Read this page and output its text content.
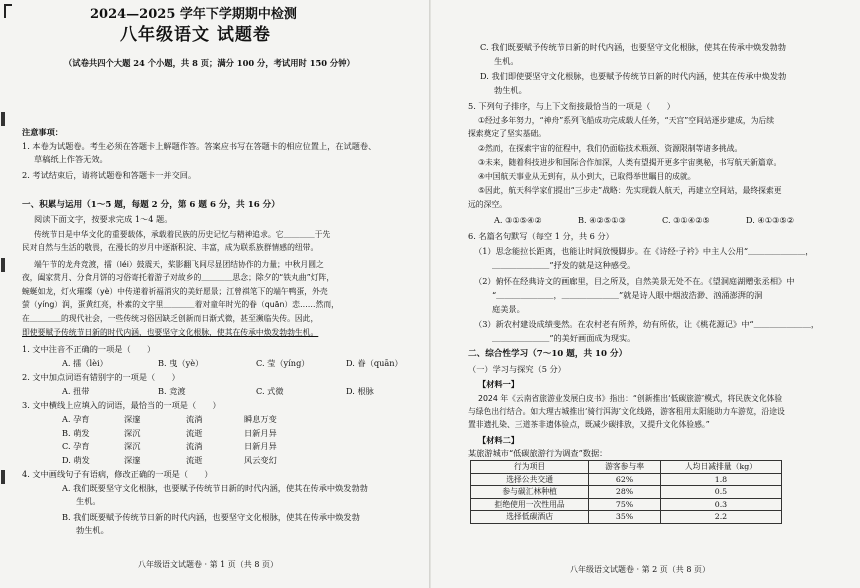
2024—2025 学年下学期期中检测
八年级语文 试题卷
（试卷共四个大题 24 个小题，共 8 页；满分 100 分，考试用时 150 分钟）
注意事项：
1. 本卷为试题卷。考生必须在答题卡上解题作答。答案应书写在答题卡的相应位置上，在试题卷、
草稿纸上作答无效。
2. 考试结束后，请将试题卷和答题卡一并交回。
一、积累与运用（1～5 题，每题 2 分，第 6 题 6 分，共 16 分）
阅读下面文字，按要求完成 1～4 题。
传统节日是中华文化的重要载体，承载着民族的历史记忆与精神追求。它＿＿＿＿于先
民对自然与生活的敬畏，在漫长的岁月中逐渐积淀、丰富，成为联系族群情感的纽带。
端午节的龙舟竞渡，擂（léi）鼓震天，桨影翻飞间尽显团结协作的力量；中秋月圆之
夜，阖家赏月、分食月饼的习俗寄托着游子对故乡的＿＿＿＿思念；除夕的“铁丸曲”灯阵，
蜿蜒如龙，灯火璀璨（yè）中传递着祈福消灾的美好愿景；江曾祺笔下的端午鸭蛋，外壳
萤（yíng）润，蛋黄红亮，朴素的文字里＿＿＿＿着对童年时光的眷（quān）恋……然而，
在＿＿＿＿的现代社会，一些传统习俗因缺乏创新而日渐式微，甚至濒临失传。因此，
即使要赋予传统节日新的时代内涵，也要坚守文化根脉，使其在传承中焕发勃勃生机。
1. 文中注音不正确的一项是（　　）
A. 擂（lèi）	B. 曳（yè）	C. 莹（yíng）	D. 眷（quān）
2. 文中加点词语有错别字的一项是（　　）
A. 扭带	B. 竞渡	C. 式微	D. 根脉
3. 文中横线上应填入的词语，最恰当的一项是（　　）
A. 孕育	深邃	流淌	瞬息万变
B. 萌发	深沉	流逝	日新月异
C. 孕育	深沉	流淌	日新月异
D. 萌发	深邃	流逝	风云变幻
4. 文中画线句子有语病，修改正确的一项是（　　）
A. 我们既要坚守文化根脉，也要赋予传统节日新的时代内涵，使其在传承中焕发勃勃
生机。
B. 我们既要赋予传统节日新的时代内涵，也要坚守文化根脉，使其在传承中焕发勃
勃生机。
八年级语文试题卷 · 第 1 页（共 8 页）
C. 我们既要赋予传统节日新的时代内涵，也要坚守文化根脉，使其在传承中焕发勃勃
生机。
D. 我们即使要坚守文化根脉，也要赋予传统节日新的时代内涵，使其在传承中焕发勃
勃生机。
5. 下列句子排序，与上下文衔接最恰当的一项是（　　）
①经过多年努力，“神舟”系列飞船成功完成载人任务，“天宫”空间站逐步建成，为后续
探索奠定了坚实基础。
②然而，在探索宇宙的征程中，我们仍面临技术瓶颈、资源限制等诸多挑战。
③未来，随着科技进步和国际合作加深，人类有望揭开更多宇宙奥秘，书写航天新篇章。
④中国航天事业从无到有，从小到大，已取得举世瞩目的成就。
⑤因此，航天科学家们提出“三步走”战略：先实现载人航天，再建立空间站，最终探索更
远的深空。
A. ③①⑤④②	B. ④②⑤①③	C. ③①④②⑤	D. ④①③⑤②
6. 名篇名句默写（每空 1 分，共 6 分）
（1）思念能拉长距离，也能让时间放慢脚步。在《诗经·子衿》中主人公用“＿＿＿＿＿＿＿，
＿＿＿＿＿＿＿”抒发的就是这种感受。
（2）俯怀在经典诗文的画廊里，目之所及，自然美景无处不在。《望洞庭湖赠张丞相》中
“＿＿＿＿＿＿＿，＿＿＿＿＿＿＿”就是诗人眼中烟波浩渺、汹涌澎湃的洞
庭美景。
（3）新农村建设成绩斐然。在农村老有所养，幼有所依，让《桃花源记》中“＿＿＿＿＿＿＿，
＿＿＿＿＿＿＿”的美好画面成为现实。
二、综合性学习（7～10 题，共 10 分）
（一）学习与探究（5 分）
【材料一】
2024 年《云南省旅游业发展白皮书》指出：“创新推出‘低碳旅游’模式，将民族文化体验
与绿色出行结合。如大理古城推出‘骑行洱海’文化线路，游客租用太阳能助力车游览，沿途设
置非遗扎染、三道茶非遗体验点，既减少碳排放，又提升文化体验感。”
【材料二】
某旅游城市“低碳旅游行为调查”数据：
行为项目	游客参与率	人均日减排量（kg）
选择公共交通	62%	1.8
参与碳汇林种植	28%	0.5
拒绝使用一次性用品	75%	0.3
选择低碳酒店	35%	2.2
八年级语文试题卷 · 第 2 页（共 8 页）
